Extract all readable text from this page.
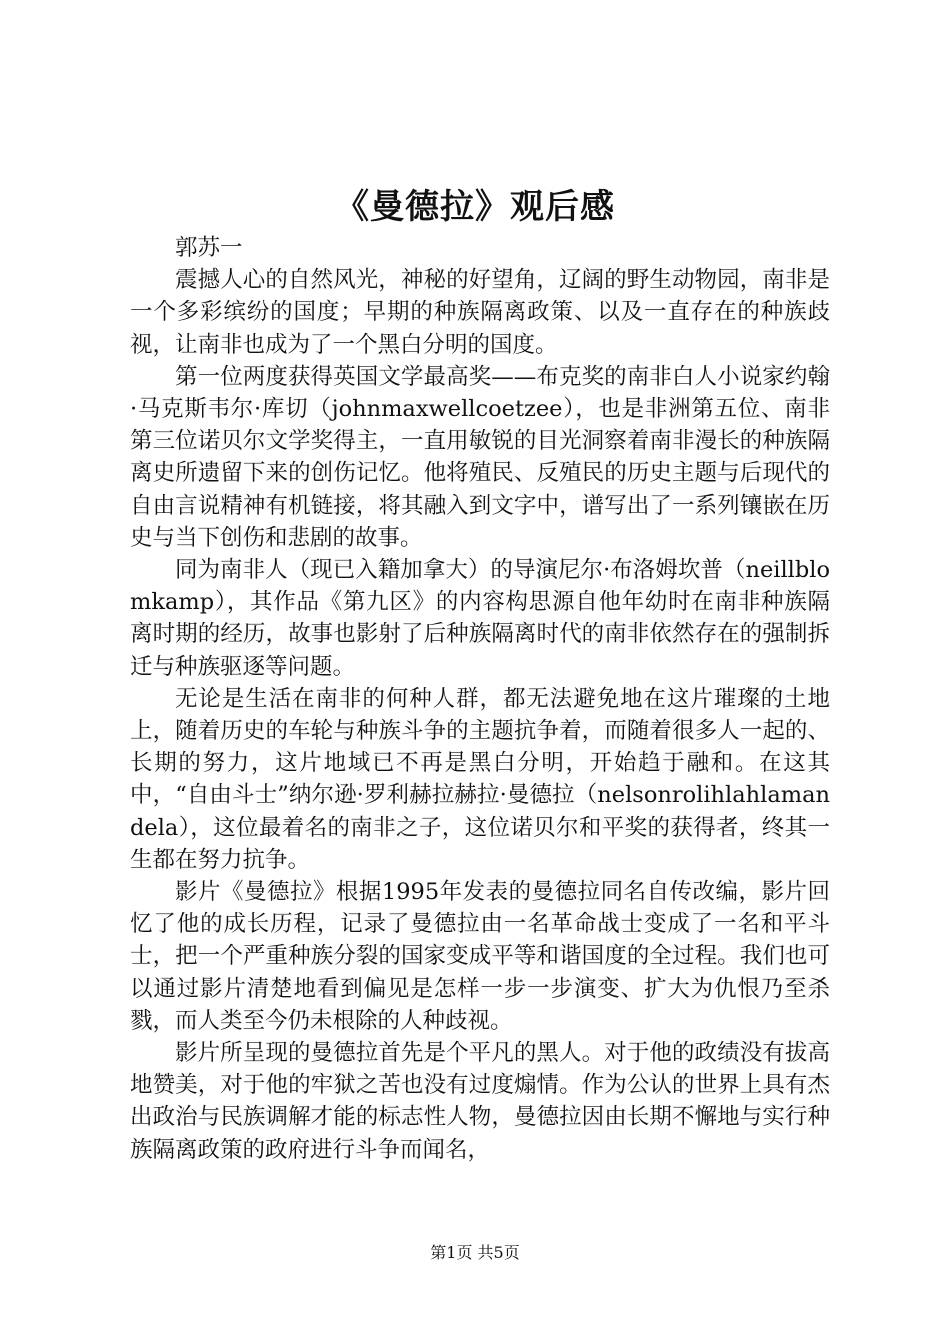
《曼德拉》观后感

郭苏一

震撼人心的自然风光，神秘的好望角，辽阔的野生动物园，南非是一个多彩缤纷的国度；早期的种族隔离政策、以及一直存在的种族歧视，让南非也成为了一个黑白分明的国度。

第一位两度获得英国文学最高奖——布克奖的南非白人小说家约翰·马克斯韦尔·库切（johnmaxwellcoetzee），也是非洲第五位、南非第三位诺贝尔文学奖得主，一直用敏锐的目光洞察着南非漫长的种族隔离史所遗留下来的创伤记忆。他将殖民、反殖民的历史主题与后现代的自由言说精神有机链接，将其融入到文字中，谱写出了一系列镶嵌在历史与当下创伤和悲剧的故事。

同为南非人（现已入籍加拿大）的导演尼尔·布洛姆坎普（neillblomkamp），其作品《第九区》的内容构思源自他年幼时在南非种族隔离时期的经历，故事也影射了后种族隔离时代的南非依然存在的强制拆迁与种族驱逐等问题。

无论是生活在南非的何种人群，都无法避免地在这片璀璨的土地上，随着历史的车轮与种族斗争的主题抗争着，而随着很多人一起的、长期的努力，这片地域已不再是黑白分明，开始趋于融和。在这其中，“自由斗士”纳尔逊·罗利赫拉赫拉·曼德拉（nelsonrolihlahlamandela），这位最着名的南非之子，这位诺贝尔和平奖的获得者，终其一生都在努力抗争。

影片《曼德拉》根据1995年发表的曼德拉同名自传改编，影片回忆了他的成长历程，记录了曼德拉由一名革命战士变成了一名和平斗士，把一个严重种族分裂的国家变成平等和谐国度的全过程。我们也可以通过影片清楚地看到偏见是怎样一步一步演变、扩大为仇恨乃至杀戮，而人类至今仍未根除的人种歧视。

影片所呈现的曼德拉首先是个平凡的黑人。对于他的政绩没有拔高地赞美，对于他的牢狱之苦也没有过度煽情。作为公认的世界上具有杰出政治与民族调解才能的标志性人物，曼德拉因由长期不懈地与实行种族隔离政策的政府进行斗争而闻名，

第1页 共5页
